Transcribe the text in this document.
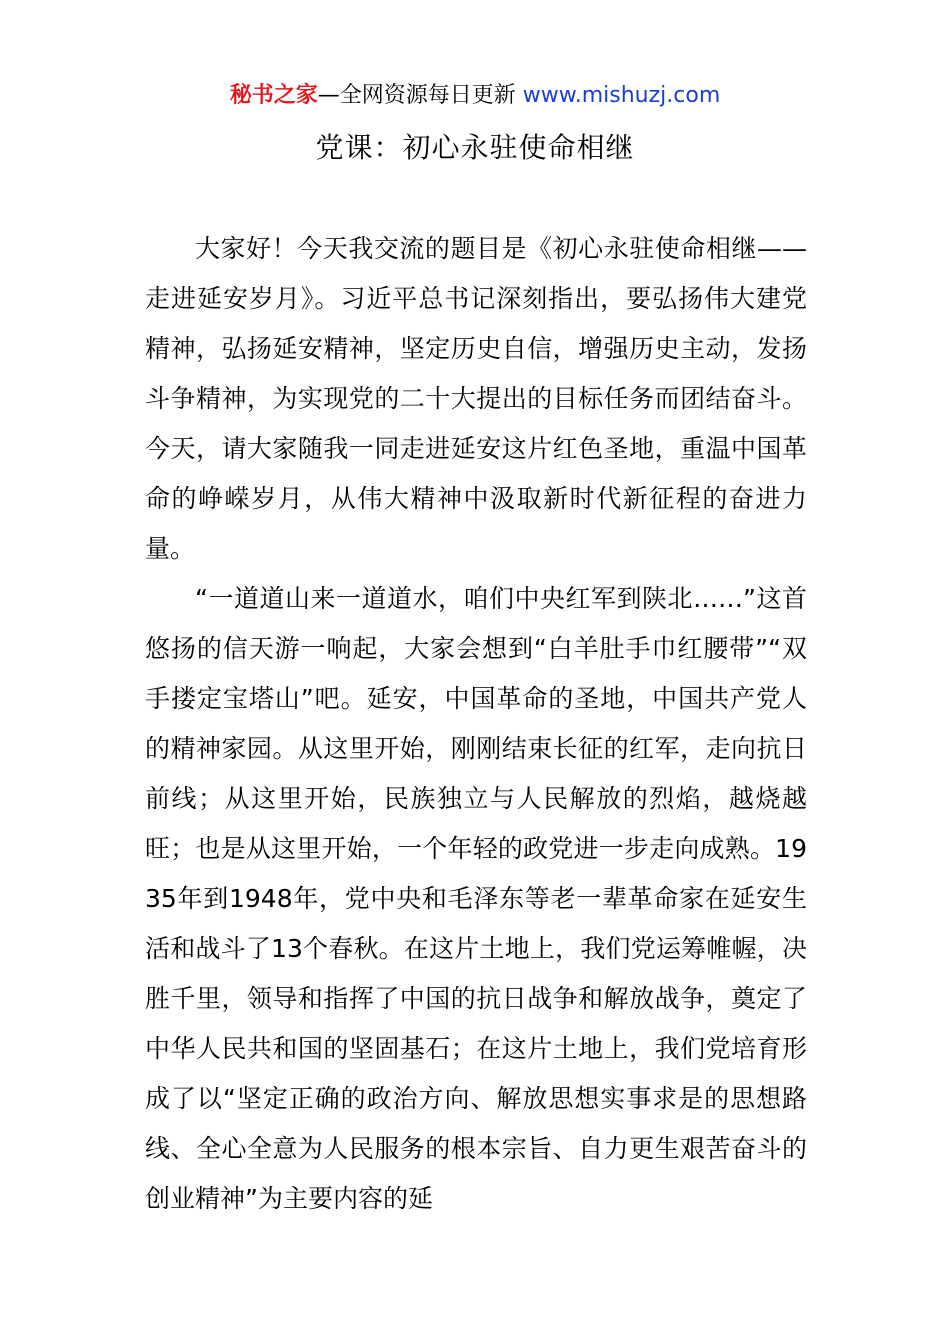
秘书之家—全网资源每日更新 www.mishuzj.com
党课：初心永驻使命相继

大家好！今天我交流的题目是《初心永驻使命相继——走进延安岁月》。习近平总书记深刻指出，要弘扬伟大建党精神，弘扬延安精神，坚定历史自信，增强历史主动，发扬斗争精神，为实现党的二十大提出的目标任务而团结奋斗。今天，请大家随我一同走进延安这片红色圣地，重温中国革命的峥嵘岁月，从伟大精神中汲取新时代新征程的奋进力量。

“一道道山来一道道水，咱们中央红军到陕北……”这首悠扬的信天游一响起，大家会想到“白羊肚手巾红腰带”“双手搂定宝塔山”吧。延安，中国革命的圣地，中国共产党人的精神家园。从这里开始，刚刚结束长征的红军，走向抗日前线；从这里开始，民族独立与人民解放的烈焰，越烧越旺；也是从这里开始，一个年轻的政党进一步走向成熟。1935年到1948年，党中央和毛泽东等老一辈革命家在延安生活和战斗了13个春秋。在这片土地上，我们党运筹帷幄，决胜千里，领导和指挥了中国的抗日战争和解放战争，奠定了中华人民共和国的坚固基石；在这片土地上，我们党培育形成了以“坚定正确的政治方向、解放思想实事求是的思想路线、全心全意为人民服务的根本宗旨、自力更生艰苦奋斗的创业精神”为主要内容的延
